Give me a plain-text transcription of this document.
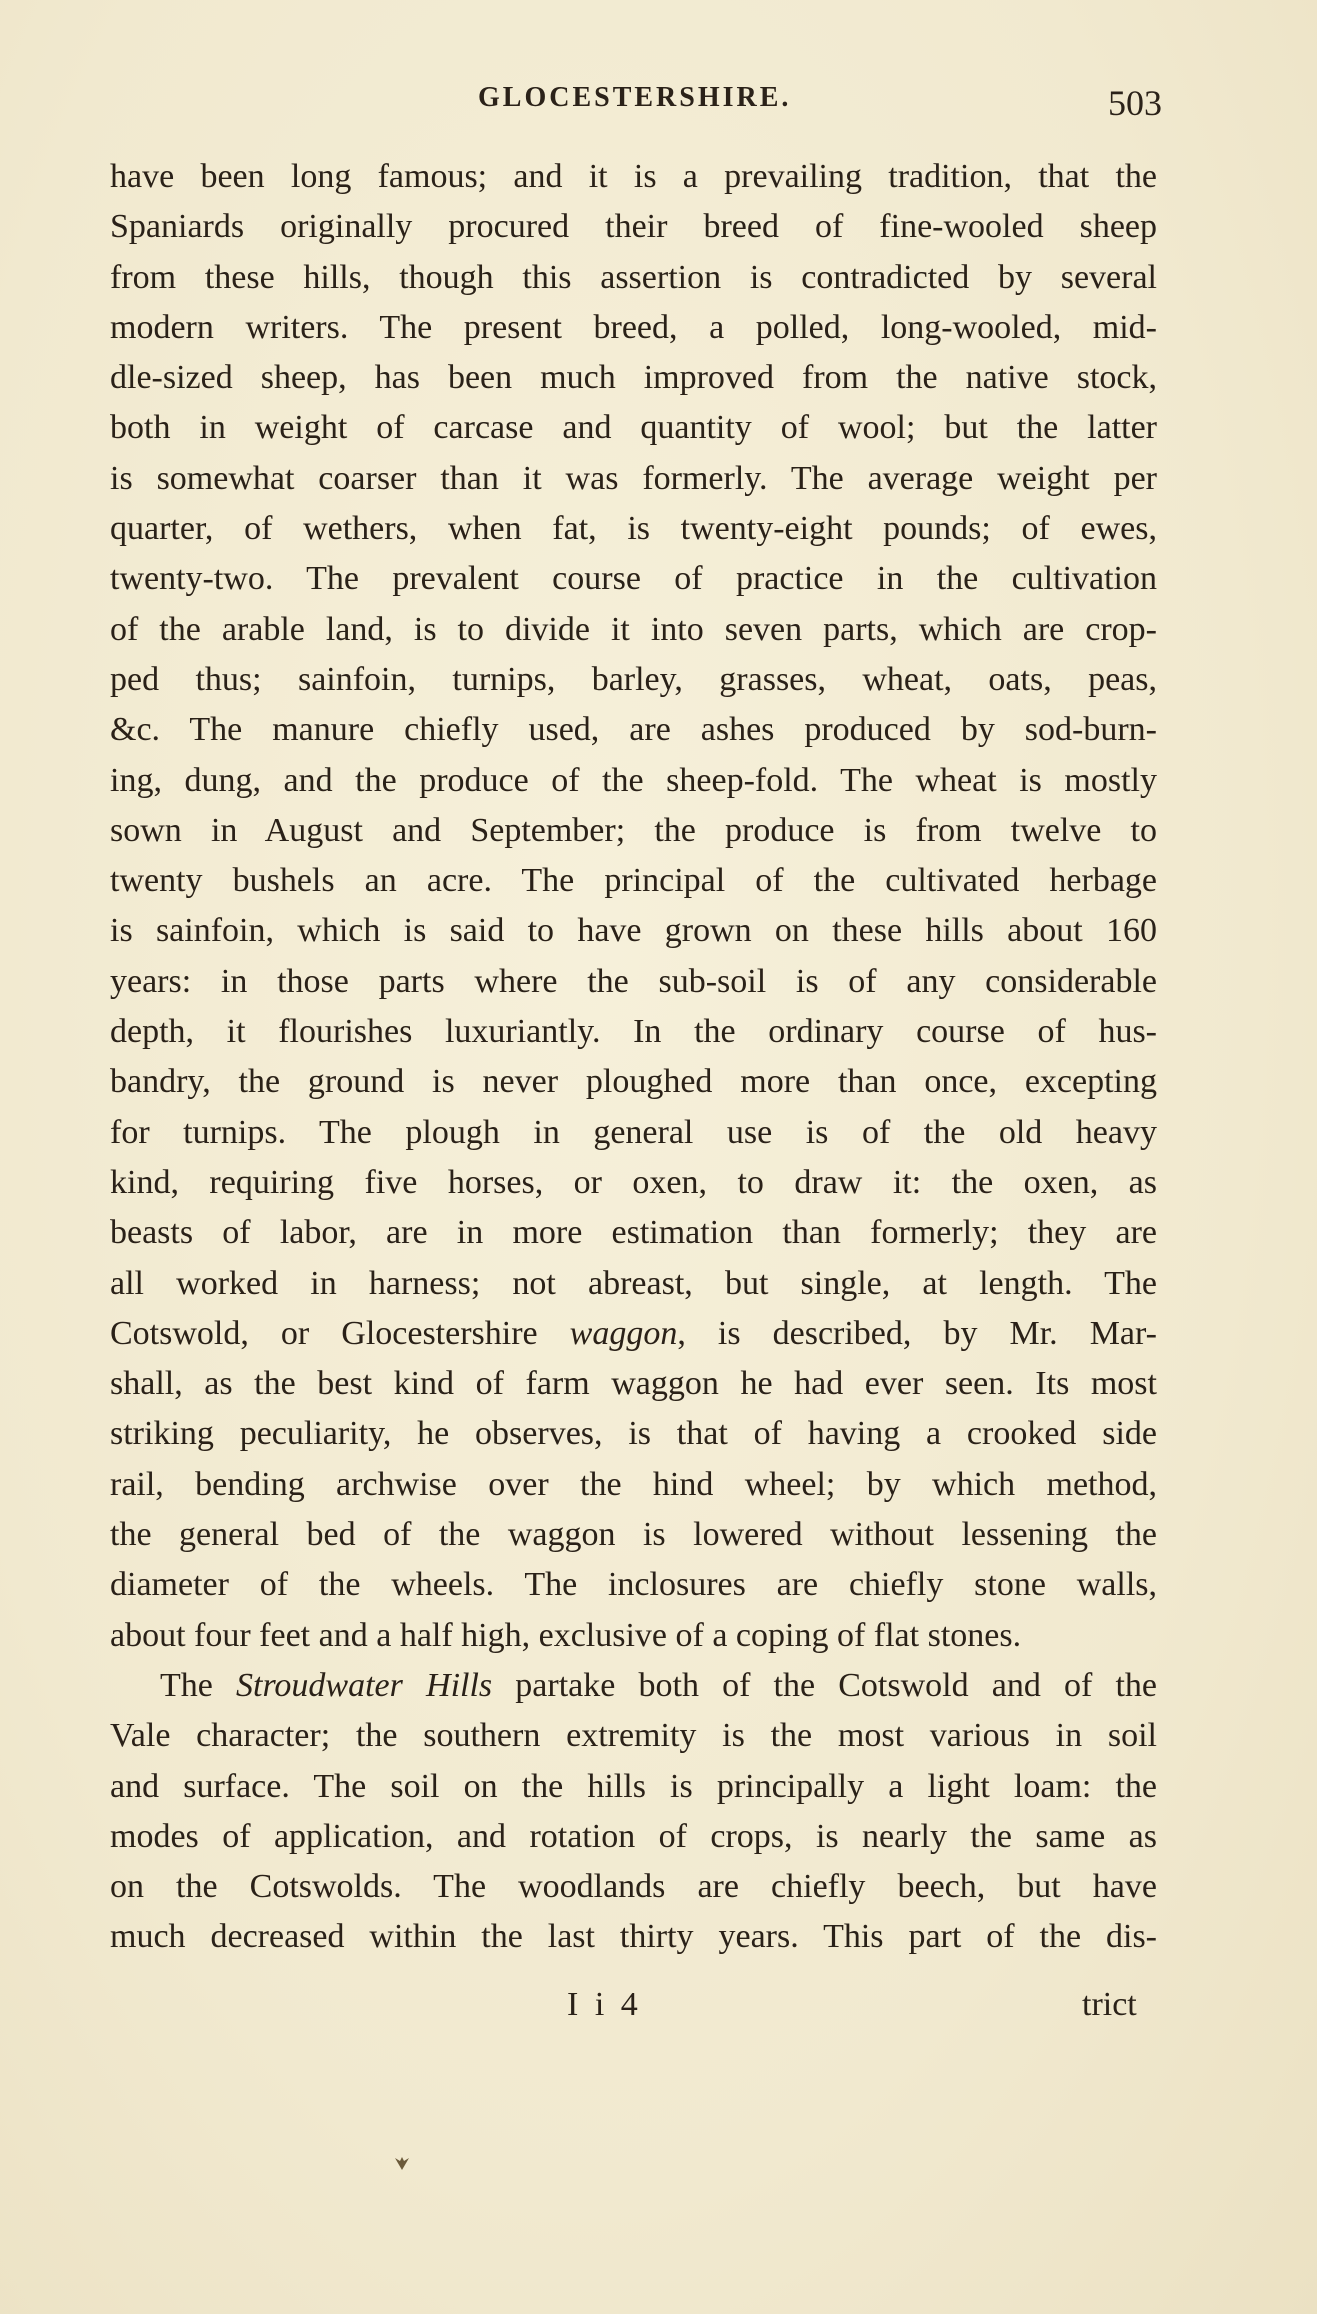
GLOCESTERSHIRE.	503
have been long famous; and it is a prevailing tradition, that the
Spaniards originally procured their breed of fine-wooled sheep
from these hills, though this assertion is contradicted by several
modern writers. The present breed, a polled, long-wooled, mid-
dle-sized sheep, has been much improved from the native stock,
both in weight of carcase and quantity of wool; but the latter
is somewhat coarser than it was formerly. The average weight per
quarter, of wethers, when fat, is twenty-eight pounds; of ewes,
twenty-two. The prevalent course of practice in the cultivation
of the arable land, is to divide it into seven parts, which are crop-
ped thus; sainfoin, turnips, barley, grasses, wheat, oats, peas,
&c. The manure chiefly used, are ashes produced by sod-burn-
ing, dung, and the produce of the sheep-fold. The wheat is mostly
sown in August and September; the produce is from twelve to
twenty bushels an acre. The principal of the cultivated herbage
is sainfoin, which is said to have grown on these hills about 160
years: in those parts where the sub-soil is of any considerable
depth, it flourishes luxuriantly. In the ordinary course of hus-
bandry, the ground is never ploughed more than once, excepting
for turnips. The plough in general use is of the old heavy
kind, requiring five horses, or oxen, to draw it: the oxen, as
beasts of labor, are in more estimation than formerly; they are
all worked in harness; not abreast, but single, at length. The
Cotswold, or Glocestershire waggon, is described, by Mr. Mar-
shall, as the best kind of farm waggon he had ever seen. Its most
striking peculiarity, he observes, is that of having a crooked side
rail, bending archwise over the hind wheel; by which method,
the general bed of the waggon is lowered without lessening the
diameter of the wheels. The inclosures are chiefly stone walls,
about four feet and a half high, exclusive of a coping of flat stones.
The Stroudwater Hills partake both of the Cotswold and of the
Vale character; the southern extremity is the most various in soil
and surface. The soil on the hills is principally a light loam: the
modes of application, and rotation of crops, is nearly the same as
on the Cotswolds. The woodlands are chiefly beech, but have
much decreased within the last thirty years. This part of the dis-
I i 4	trict
